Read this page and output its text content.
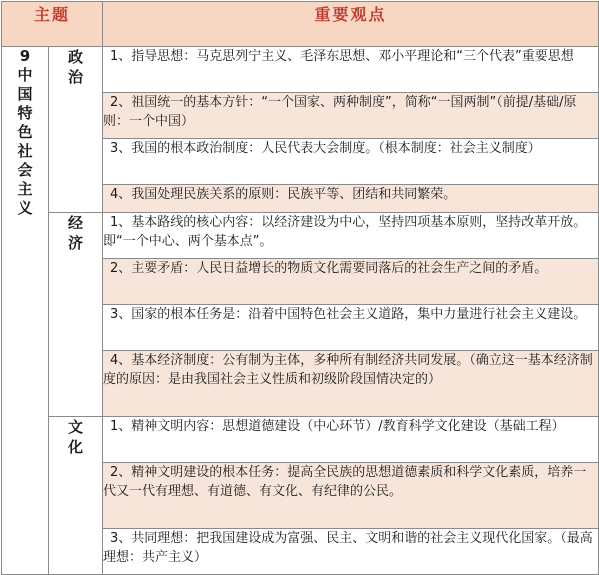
主题		重要观点

9
中国特色社会主义	政治	1、指导思想：马克思列宁主义、毛泽东思想、邓小平理论和“三个代表”重要思想
		2、祖国统一的基本方针：“一个国家、两种制度”，简称“一国两制”（前提/基础/原则：一个中国）
		3、我国的根本政治制度：人民代表大会制度。（根本制度：社会主义制度）
		4、我国处理民族关系的原则：民族平等、团结和共同繁荣。

	经济	1、基本路线的核心内容：以经济建设为中心，坚持四项基本原则，坚持改革开放。即“一个中心、两个基本点”。
		2、主要矛盾：人民日益增长的物质文化需要同落后的社会生产之间的矛盾。
		3、国家的根本任务是：沿着中国特色社会主义道路，集中力量进行社会主义建设。
		4、基本经济制度：公有制为主体，多种所有制经济共同发展。（确立这一基本经济制度的原因：是由我国社会主义性质和初级阶段国情决定的）

	文化	1、精神文明内容：思想道德建设（中心环节）/教育科学文化建设（基础工程）
		2、精神文明建设的根本任务：提高全民族的思想道德素质和科学文化素质，培养一代又一代有理想、有道德、有文化、有纪律的公民。
		3、共同理想：把我国建设成为富强、民主、文明和谐的社会主义现代化国家。（最高理想：共产主义）
